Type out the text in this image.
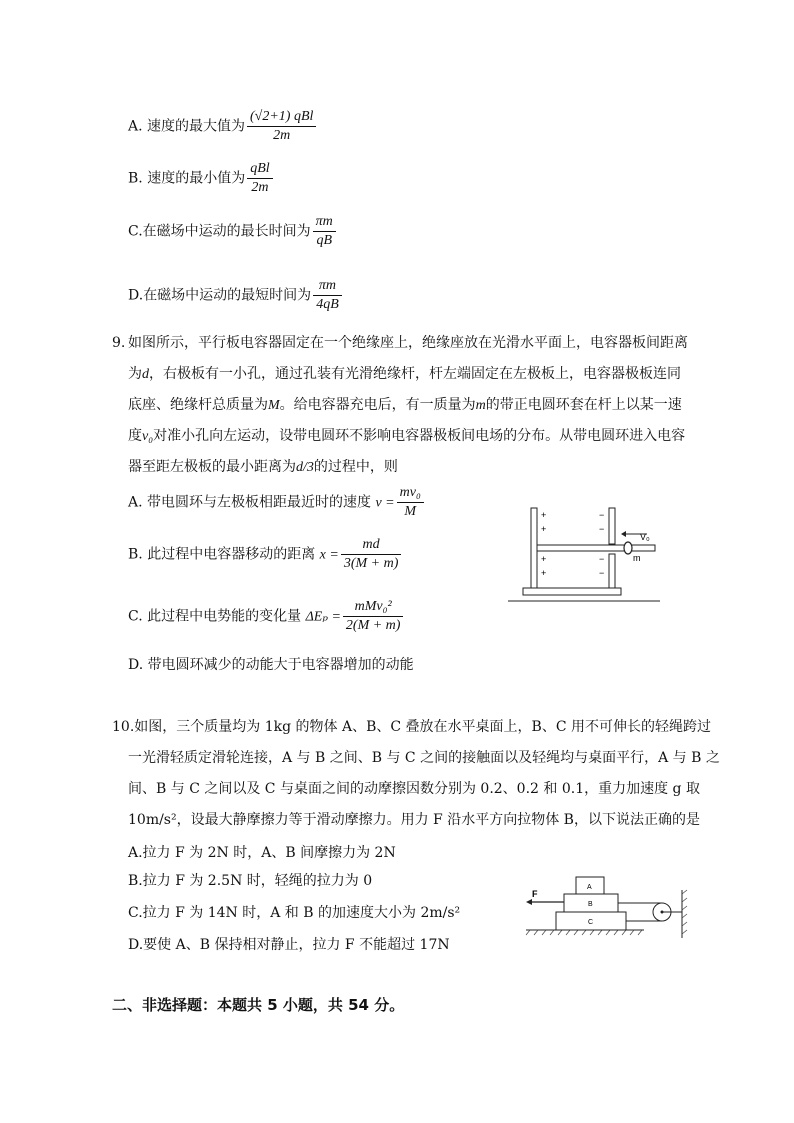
A. 速度的最大值为 $\frac{\text{(√2+1) qBl}}{2m}$
B. 速度的最小值为 $\frac{\text{qBl}}{2m}$
C.在磁场中运动的最长时间为 $\frac{\pi m}{qB}$
D.在磁场中运动的最短时间为 $\frac{\pi m}{4qB}$
9. 如图所示，平行板电容器固定在一个绝缘座上，绝缘座放在光滑水平面上，电容器板间距离为d，右极板有一小孔，通过孔装有光滑绝缘杆，杆左端固定在左极板上，电容器极板连同底座、绝缘杆总质量为M。给电容器充电后，有一质量为m的带正电圆环套在杆上以某一速度v₀对准小孔向左运动，设带电圆环不影响电容器极板间电场的分布。从带电圆环进入电容器至距左极板的最小距离为d/3的过程中，则
A. 带电圆环与左极板相距最近时的速度 $v = \frac{\text{mv₀}}{M}$
B. 此过程中电容器移动的距离 $x = \frac{md}{3(M + m)}$
C. 此过程中电势能的变化量 $\Delta E_p = \frac{\text{mMv₀²}}{2(M + m)}$
D. 带电圆环减少的动能大于电容器增加的动能
+
+
+
+
−
−
−
−
V₀
m
10.如图，三个质量均为 1kg 的物体 A、B、C 叠放在水平桌面上，B、C 用不可伸长的轻绳跨过
一光滑轻质定滑轮连接，A 与 B 之间、B 与 C 之间的接触面以及轻绳均与桌面平行，A 与 B 之
间、B 与 C 之间以及 C 与桌面之间的动摩擦因数分别为 0.2、0.2 和 0.1，重力加速度 g 取
10m/s²，设最大静摩擦力等于滑动摩擦力。用力 F 沿水平方向拉物体 B，以下说法正确的是
A.拉力 F 为 2N 时，A、B 间摩擦力为 2N
B.拉力 F 为 2.5N 时，轻绳的拉力为 0
C.拉力 F 为 14N 时，A 和 B 的加速度大小为 2m/s²
D.要使 A、B 保持相对静止，拉力 F 不能超过 17N
A
B
C
F
二、非选择题：本题共 5 小题，共 54 分。
